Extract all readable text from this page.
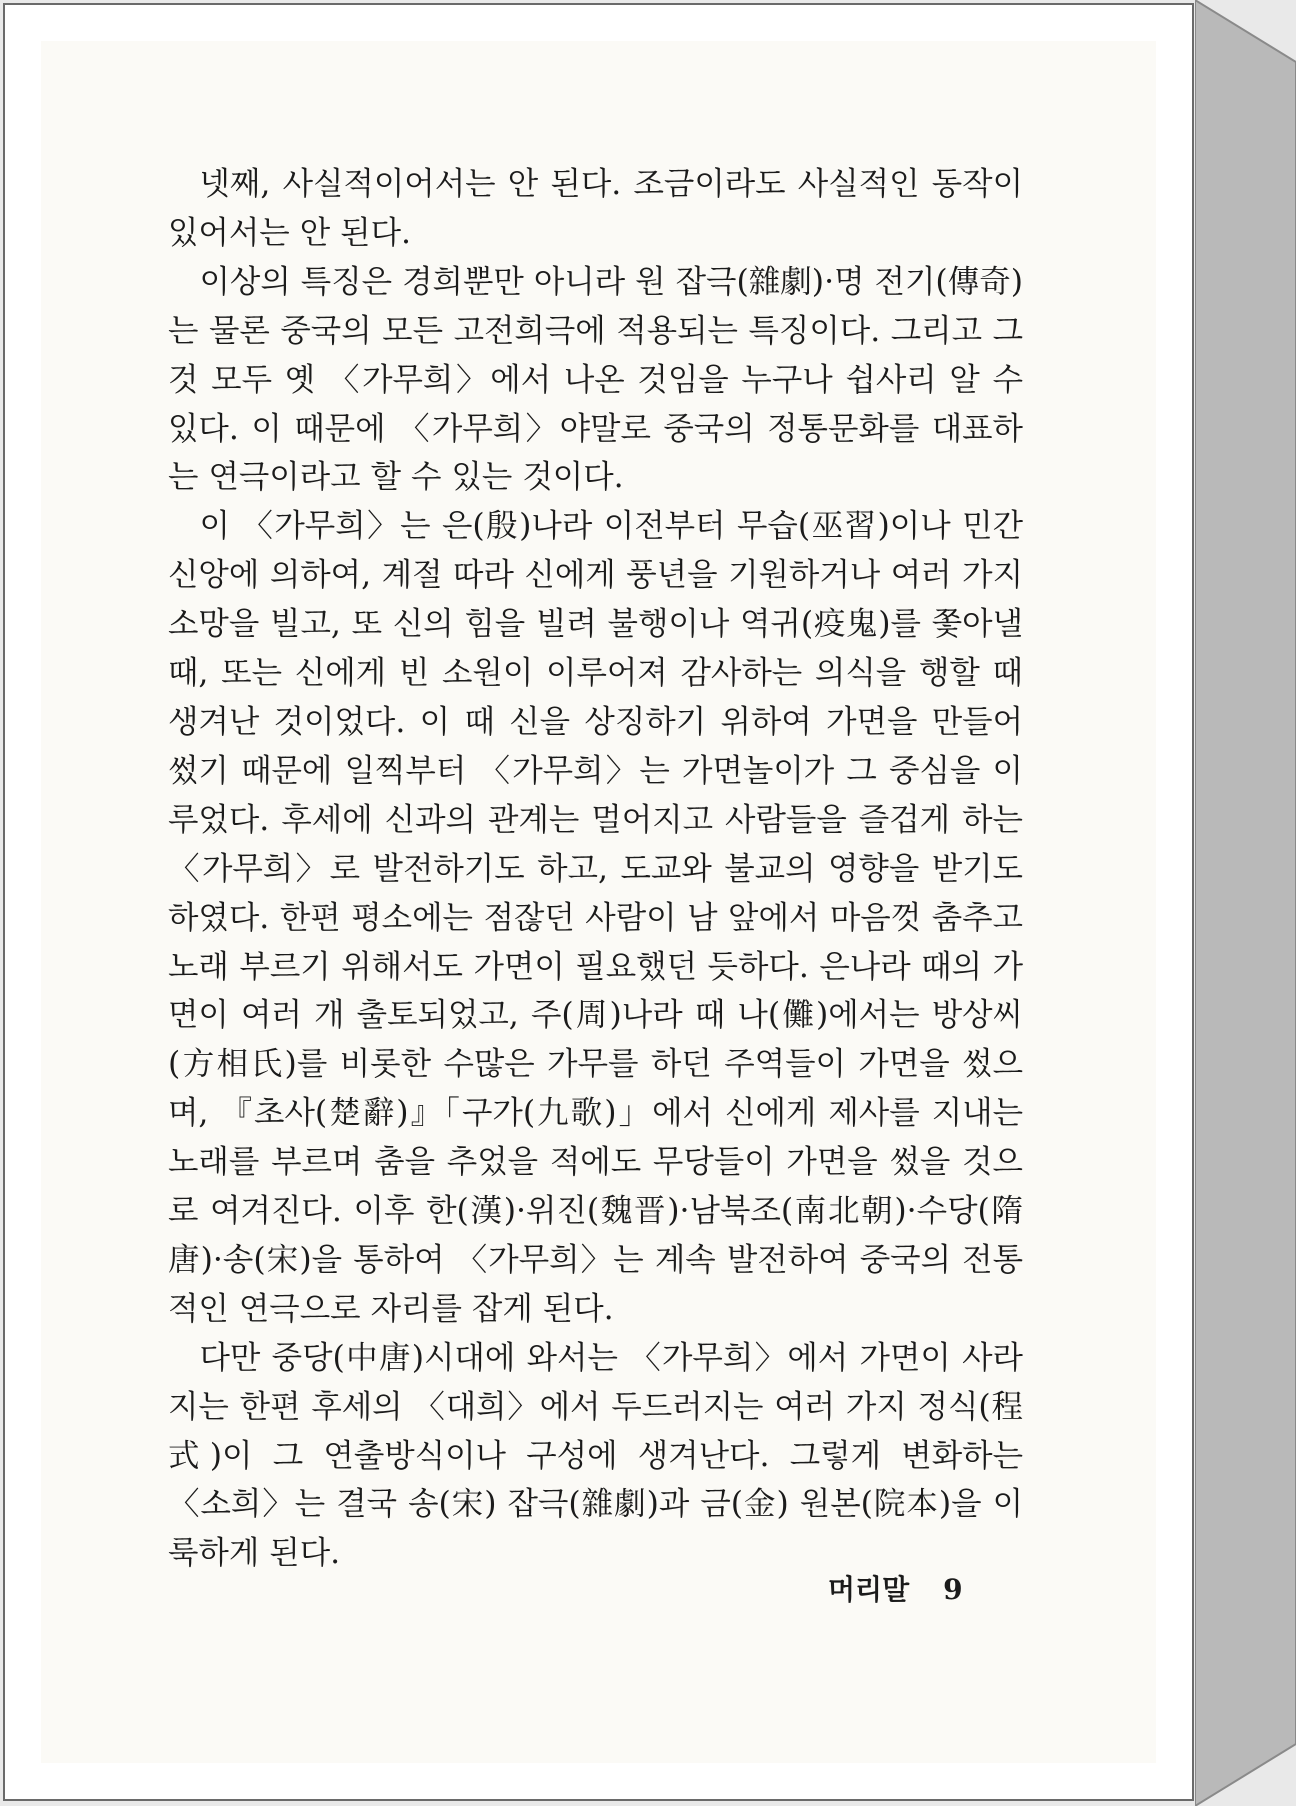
넷째, 사실적이어서는 안 된다. 조금이라도 사실적인 동작이 있어서는 안 된다.

이상의 특징은 경희뿐만 아니라 원 잡극(雜劇)·명 전기(傳奇)는 물론 중국의 모든 고전희극에 적용되는 특징이다. 그리고 그것 모두 옛 〈가무희〉에서 나온 것임을 누구나 쉽사리 알 수 있다. 이 때문에 〈가무희〉야말로 중국의 정통문화를 대표하는 연극이라고 할 수 있는 것이다.

이 〈가무희〉는 은(殷)나라 이전부터 무습(巫習)이나 민간신앙에 의하여, 계절 따라 신에게 풍년을 기원하거나 여러 가지 소망을 빌고, 또 신의 힘을 빌려 불행이나 역귀(疫鬼)를 쫓아낼 때, 또는 신에게 빈 소원이 이루어져 감사하는 의식을 행할 때 생겨난 것이었다. 이 때 신을 상징하기 위하여 가면을 만들어 썼기 때문에 일찍부터 〈가무희〉는 가면놀이가 그 중심을 이루었다. 후세에 신과의 관계는 멀어지고 사람들을 즐겁게 하는 〈가무희〉로 발전하기도 하고, 도교와 불교의 영향을 받기도 하였다. 한편 평소에는 점잖던 사람이 남 앞에서 마음껏 춤추고 노래 부르기 위해서도 가면이 필요했던 듯하다. 은나라 때의 가면이 여러 개 출토되었고, 주(周)나라 때 나(儺)에서는 방상씨(方相氏)를 비롯한 수많은 가무를 하던 주역들이 가면을 썼으며, 『초사(楚辭)』「구가(九歌)」에서 신에게 제사를 지내는 노래를 부르며 춤을 추었을 적에도 무당들이 가면을 썼을 것으로 여겨진다. 이후 한(漢)·위진(魏晋)·남북조(南北朝)·수당(隋唐)·송(宋)을 통하여 〈가무희〉는 계속 발전하여 중국의 전통적인 연극으로 자리를 잡게 된다.

다만 중당(中唐)시대에 와서는 〈가무희〉에서 가면이 사라지는 한편 후세의 〈대희〉에서 두드러지는 여러 가지 정식(程式)이 그 연출방식이나 구성에 생겨난다. 그렇게 변화하는 〈소희〉는 결국 송(宋) 잡극(雜劇)과 금(金) 원본(院本)을 이룩하게 된다.

머리말 9
